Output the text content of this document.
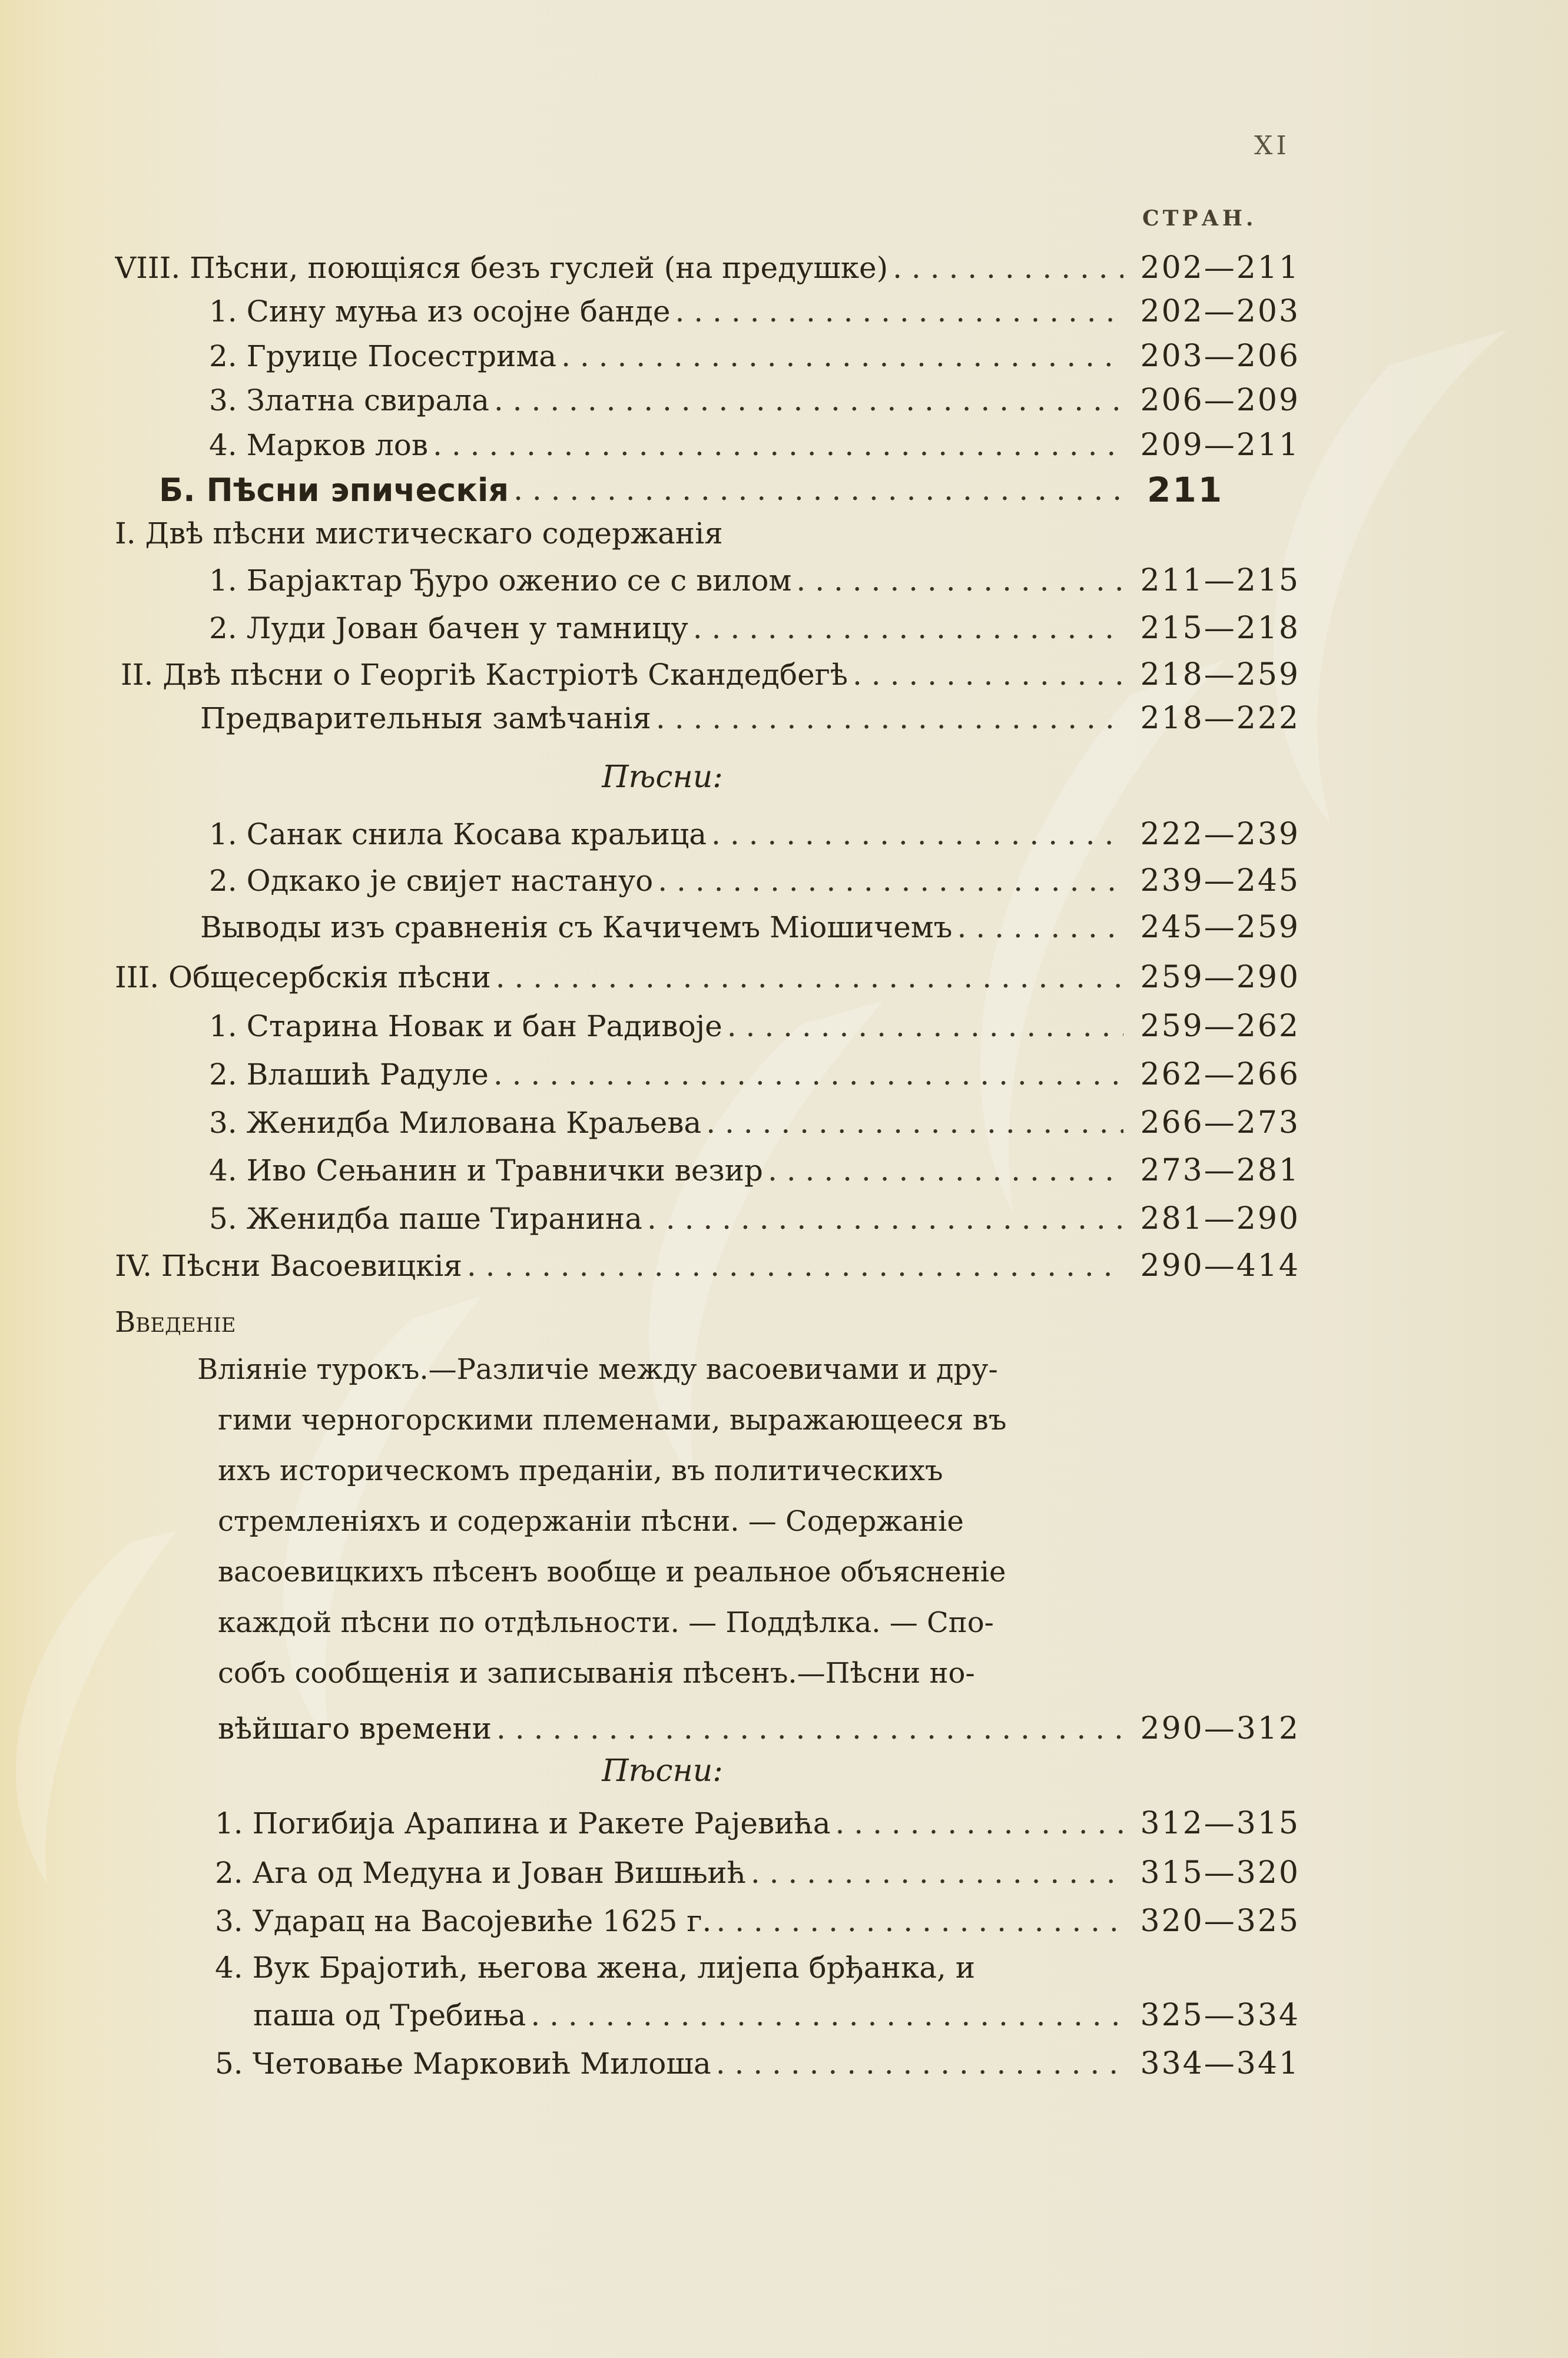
XI
СТРАН.
VIII. Пѣсни, поющіяся безъ гуслей (на предушке) . . .	202—211
1. Сину муња из осојне банде . . .	202—203
2. Груице Посестрима . . .	203—206
3. Златна свирала . . .	206—209
4. Марков лов . . .	209—211
Б. Пѣсни эпическія . . .	211
I. Двѣ пѣсни мистическаго содержанія
1. Барјактар Ђуро оженио се с вилом . . .	211—215
2. Луди Јован бачен у тамницу . . .	215—218
II. Двѣ пѣсни о Георгіѣ Кастріотѣ Скандедбегѣ . . .	218—259
Предварительныя замѣчанія . . .	218—222
Пѣсни:
1. Санак снила Косава краљица . . .	222—239
2. Одкако је свијет настануо . . .	239—245
Выводы изъ сравненія съ Качичемъ Міошичемъ . . .	245—259
III. Общесербскія пѣсни . . .	259—290
1. Старина Новак и бан Радивоје . . .	259—262
2. Влашић Радуле . . .	262—266
3. Женидба Милована Краљева . . .	266—273
4. Иво Сењанин и Травнички везир . . .	273—281
5. Женидба паше Тиранина . . .	281—290
IV. Пѣсни Васоевицкія . . .	290—414
Введеніе
Вліяніе турокъ.—Различіе между васоевичами и дру-
гими черногорскими племенами, выражающееся въ
ихъ историческомъ преданіи, въ политическихъ
стремленіяхъ и содержаніи пѣсни. — Содержаніе
васоевицкихъ пѣсенъ вообще и реальное объясненіе
каждой пѣсни по отдѣльности. — Поддѣлка. — Спо-
собъ сообщенія и записыванія пѣсенъ.—Пѣсни но-
вѣйшаго времени . . .	290—312
Пѣсни:
1. Погибија Арапина и Ракете Рајевића . . .	312—315
2. Ага од Медуна и Јован Вишњић . . .	315—320
3. Ударац на Васојевиће 1625 г. . . .	320—325
4. Вук Брајотић, његова жена, лијепа брђанка, и
паша од Требиња . . .	325—334
5. Четовање Марковић Милоша . . .	334—341
